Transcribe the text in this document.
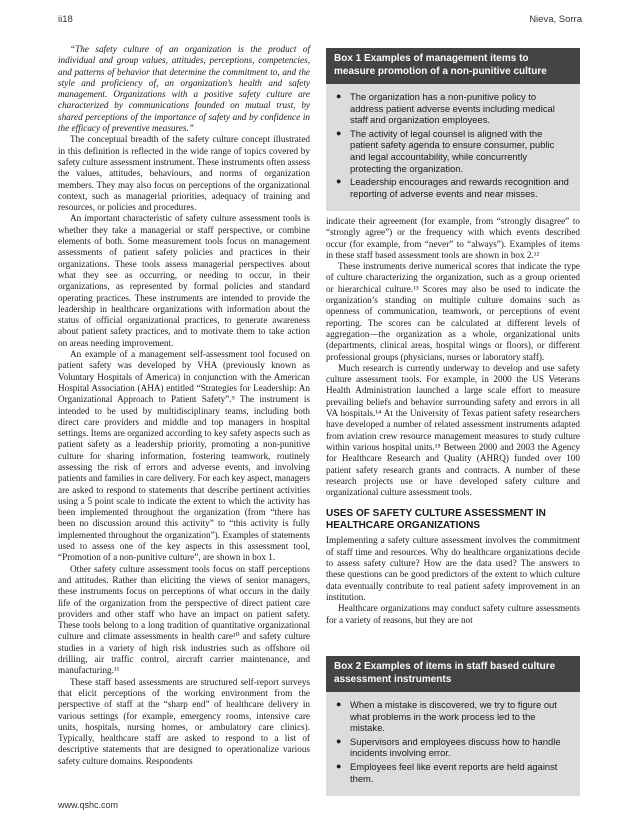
ii18	Nieva, Sorra

“The safety culture of an organization is the product of individual and group values, attitudes, perceptions, competencies, and patterns of behavior that determine the commitment to, and the style and proficiency of, an organization’s health and safety management. Organizations with a positive safety culture are characterized by communications founded on mutual trust, by shared perceptions of the importance of safety and by confidence in the efficacy of preventive measures.”

The conceptual breadth of the safety culture concept illustrated in this definition is reflected in the wide range of topics covered by safety culture assessment instrument. These instruments often assess the values, attitudes, behaviours, and norms of organization members. They may also focus on perceptions of the organizational context, such as managerial priorities, adequacy of training and resources, or policies and procedures.

An important characteristic of safety culture assessment tools is whether they take a managerial or staff perspective, or combine elements of both. Some measurement tools focus on management assessments of patient safety policies and practices in their organizations. These tools assess managerial perspectives about what they see as occurring, or needing to occur, in their organizations, as represented by formal policies and standard operating practices. These instruments are intended to provide the leadership in healthcare organizations with information about the status of official organizational practices, to generate awareness about patient safety practices, and to motivate them to take action on areas needing improvement.

An example of a management self-assessment tool focused on patient safety was developed by VHA (previously known as Voluntary Hospitals of America) in conjunction with the American Hospital Association (AHA) entitled “Strategies for Leadership: An Organizational Approach to Patient Safety”.⁹ The instrument is intended to be used by multidisciplinary teams, including both direct care providers and middle and top managers in hospital settings. Items are organized according to key safety aspects such as patient safety as a leadership priority, promoting a non-punitive culture for sharing information, fostering teamwork, routinely assessing the risk of errors and adverse events, and involving patients and families in care delivery. For each key aspect, managers are asked to respond to statements that describe pertinent activities using a 5 point scale to indicate the extent to which the activity has been implemented throughout the organization (from “there has been no discussion around this activity” to “this activity is fully implemented throughout the organization”). Examples of statements used to assess one of the key aspects in this assessment tool, “Promotion of a non-punitive culture”, are shown in box 1.

Other safety culture assessment tools focus on staff perceptions and attitudes. Rather than eliciting the views of senior managers, these instruments focus on perceptions of what occurs in the daily life of the organization from the perspective of direct patient care providers and other staff who have an impact on patient safety. These tools belong to a long tradition of quantitative organizational culture and climate assessments in health care¹⁰ and safety culture studies in a variety of high risk industries such as offshore oil drilling, air traffic control, aircraft carrier maintenance, and manufacturing.¹¹

These staff based assessments are structured self-report surveys that elicit perceptions of the working environment from the perspective of staff at the “sharp end” of healthcare delivery in various settings (for example, emergency rooms, intensive care units, hospitals, nursing homes, or ambulatory care clinics). Typically, healthcare staff are asked to respond to a list of descriptive statements that are designed to operationalize various safety culture domains. Respondents

Box 1 Examples of management items to measure promotion of a non-punitive culture
● The organization has a non-punitive policy to address patient adverse events including medical staff and organization employees.
● The activity of legal counsel is aligned with the patient safety agenda to ensure consumer, public and legal accountability, while concurrently protecting the organization.
● Leadership encourages and rewards recognition and reporting of adverse events and near misses.

indicate their agreement (for example, from “strongly disagree” to “strongly agree”) or the frequency with which events described occur (for example, from “never” to “always”). Examples of items in these staff based assessment tools are shown in box 2.¹²

These instruments derive numerical scores that indicate the type of culture characterizing the organization, such as a group oriented or hierarchical culture.¹³ Scores may also be used to indicate the organization’s standing on multiple culture domains such as openness of communication, teamwork, or perceptions of event reporting. The scores can be calculated at different levels of aggregation—the organization as a whole, organizational units (departments, clinical areas, hospital wings or floors), or different professional groups (physicians, nurses or laboratory staff).

Much research is currently underway to develop and use safety culture assessment tools. For example, in 2000 the US Veterans Health Administration launched a large scale effort to measure prevailing beliefs and behavior surrounding safety and errors in all VA hospitals.¹⁴ At the University of Texas patient safety researchers have developed a number of related assessment instruments adapted from aviation crew resource management measures to study culture within various hospital units.¹⁵ Between 2000 and 2003 the Agency for Healthcare Research and Quality (AHRQ) funded over 100 patient safety research grants and contracts. A number of these research projects use or have developed safety culture and organizational culture assessment tools.

USES OF SAFETY CULTURE ASSESSMENT IN HEALTHCARE ORGANIZATIONS

Implementing a safety culture assessment involves the commitment of staff time and resources. Why do healthcare organizations decide to assess safety culture? How are the data used? The answers to these questions can be good predictors of the extent to which culture data eventually contribute to real patient safety improvement in an institution.

Healthcare organizations may conduct safety culture assessments for a variety of reasons, but they are not

Box 2 Examples of items in staff based culture assessment instruments
● When a mistake is discovered, we try to figure out what problems in the work process led to the mistake.
● Supervisors and employees discuss how to handle incidents involving error.
● Employees feel like event reports are held against them.
www.qshc.com
